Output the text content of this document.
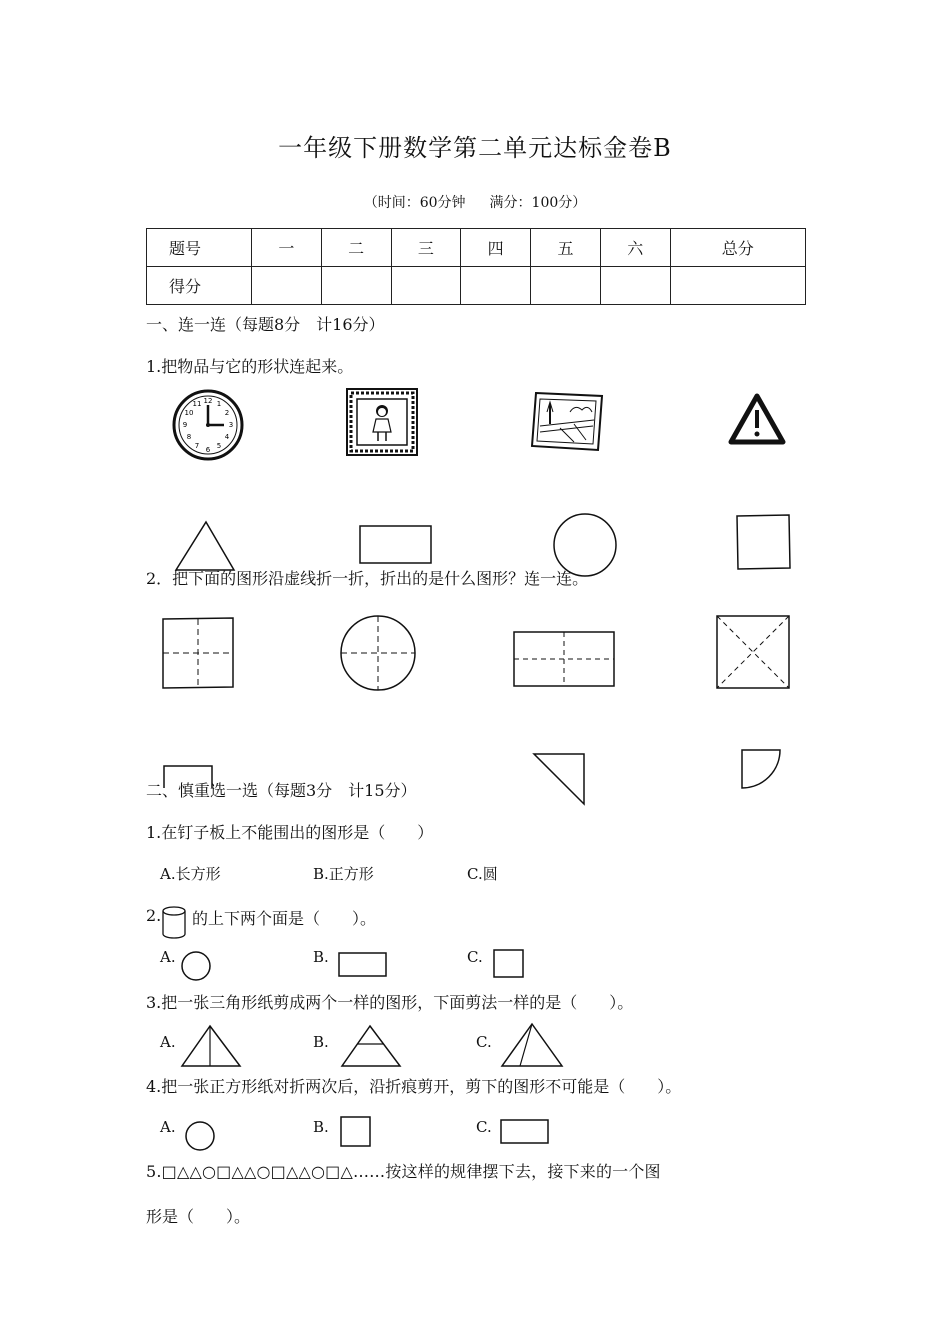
一年级下册数学第二单元达标金卷B
（时间：60分钟 满分：100分）
题号	一	二	三	四	五	六	总分
得分							
一、连一连（每题8分　计16分）
1.把物品与它的形状连起来。
12 1
2
3
4
5
6
7
8
9
10
11
2．把下面的图形沿虚线折一折，折出的是什么图形？连一连。
二、慎重选一选（每题3分　计15分）
1.在钉子板上不能围出的图形是（　　）
A.长方形	B.正方形	C.圆
2. 的上下两个面是（　　）。
A.	B.	C.
3.把一张三角形纸剪成两个一样的图形，下面剪法一样的是（　　）。
A.	B.	C.
4.把一张正方形纸对折两次后，沿折痕剪开，剪下的图形不可能是（　　）。
A.	B.	C.
5.□△△○□△△○□△△○□△……按这样的规律摆下去，接下来的一个图
形是（　　）。
